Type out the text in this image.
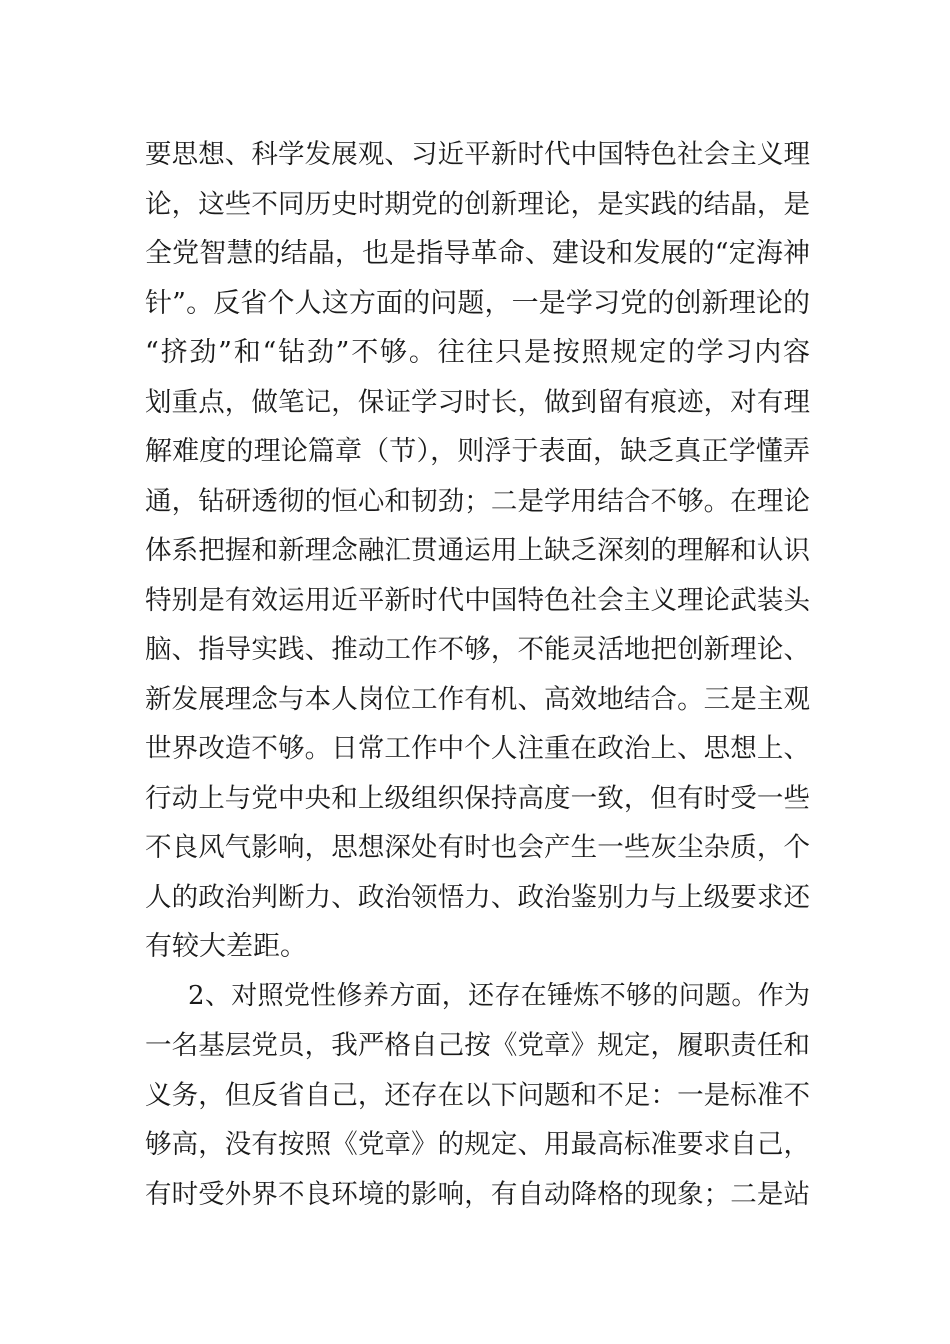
要思想、科学发展观、习近平新时代中国特色社会主义理
论，这些不同历史时期党的创新理论，是实践的结晶，是
全党智慧的结晶，也是指导革命、建设和发展的“定海神
针”。反省个人这方面的问题，一是学习党的创新理论的
“挤劲”和“钻劲”不够。往往只是按照规定的学习内容
划重点，做笔记，保证学习时长，做到留有痕迹，对有理
解难度的理论篇章（节），则浮于表面，缺乏真正学懂弄
通，钻研透彻的恒心和韧劲；二是学用结合不够。在理论
体系把握和新理念融汇贯通运用上缺乏深刻的理解和认识
特别是有效运用近平新时代中国特色社会主义理论武装头
脑、指导实践、推动工作不够，不能灵活地把创新理论、
新发展理念与本人岗位工作有机、高效地结合。三是主观
世界改造不够。日常工作中个人注重在政治上、思想上、
行动上与党中央和上级组织保持高度一致，但有时受一些
不良风气影响，思想深处有时也会产生一些灰尘杂质，个
人的政治判断力、政治领悟力、政治鉴别力与上级要求还
有较大差距。
2、对照党性修养方面，还存在锤炼不够的问题。作为
一名基层党员，我严格自己按《党章》规定，履职责任和
义务，但反省自己，还存在以下问题和不足：一是标准不
够高，没有按照《党章》的规定、用最高标准要求自己，
有时受外界不良环境的影响，有自动降格的现象；二是站
